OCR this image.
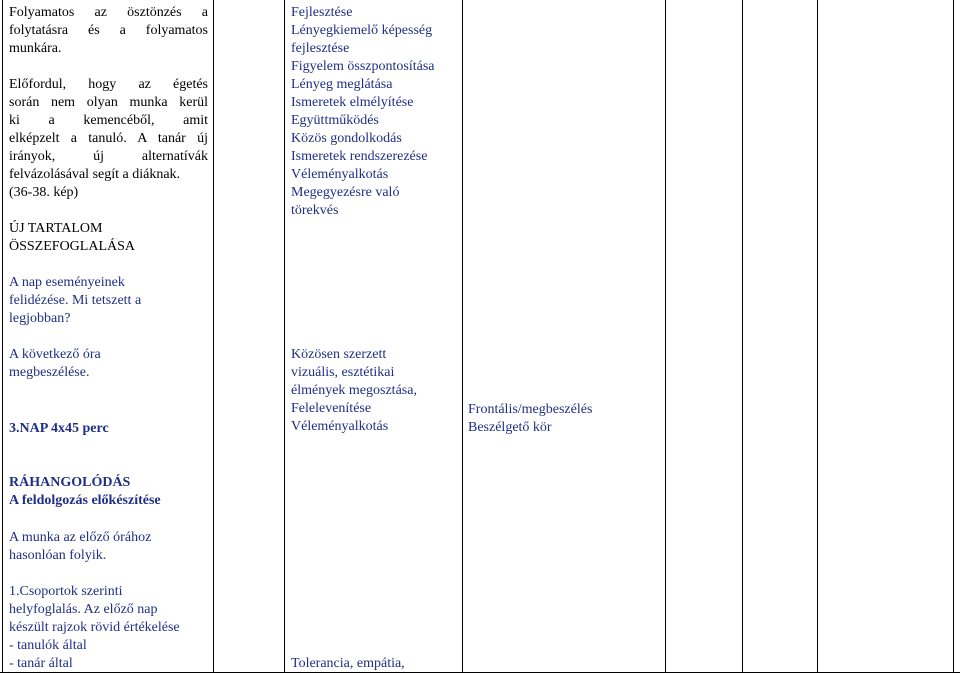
Folyamatos az ösztönzés a
folytatásra és a folyamatos
munkára.
Előfordul, hogy az égetés
során nem olyan munka kerül
ki a kemencéből, amit
elképzelt a tanuló. A tanár új
irányok, új alternatívák
felvázolásával segít a diáknak.
(36-38. kép)
ÚJ TARTALOM
ÖSSZEFOGLALÁSA
A nap eseményeinek
felidézése. Mi tetszett a
legjobban?
A következő óra
megbeszélése.
3.NAP 4x45 perc
RÁHANGOLÓDÁS
A feldolgozás előkészítése
A munka az előző órához
hasonlóan folyik.
1.Csoportok szerinti
helyfoglalás. Az előző nap
készült rajzok rövid értékelése
- tanulók által
- tanár által
Fejlesztése
Lényegkiemelő képesség
fejlesztése
Figyelem összpontosítása
Lényeg meglátása
Ismeretek elmélyítése
Együttműködés
Közös gondolkodás
Ismeretek rendszerezése
Véleményalkotás
Megegyezésre való
törekvés
Közösen szerzett
vizuális, esztétikai
élmények megosztása,
Felelevenítése
Véleményalkotás
Tolerancia, empátia,
Frontális/megbeszélés
Beszélgető kör
